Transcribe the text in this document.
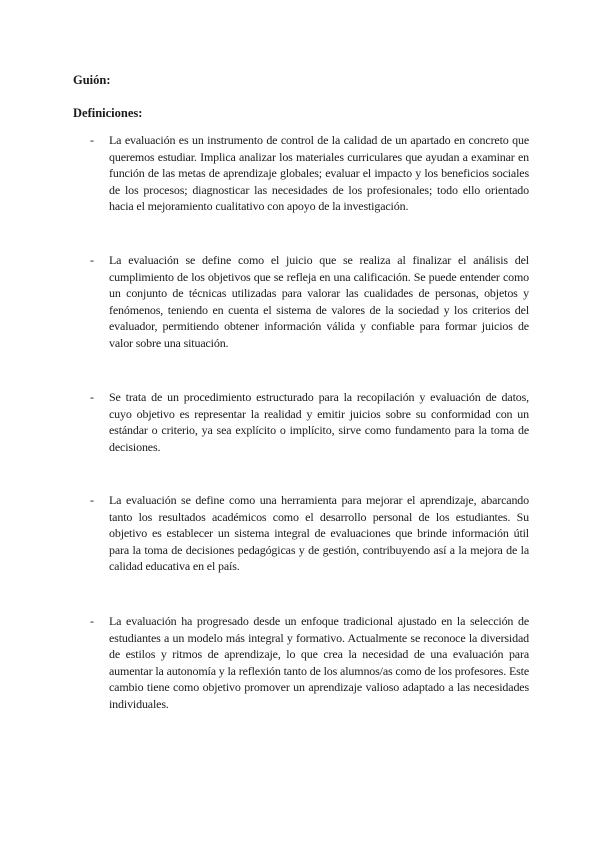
Guión:
Definiciones:
- La evaluación es un instrumento de control de la calidad de un apartado en concreto que queremos estudiar. Implica analizar los materiales curriculares que ayudan a examinar en función de las metas de aprendizaje globales; evaluar el impacto y los beneficios sociales de los procesos; diagnosticar las necesidades de los profesionales; todo ello orientado hacia el mejoramiento cualitativo con apoyo de la investigación.

- La evaluación se define como el juicio que se realiza al finalizar el análisis del cumplimiento de los objetivos que se refleja en una calificación. Se puede entender como un conjunto de técnicas utilizadas para valorar las cualidades de personas, objetos y fenómenos, teniendo en cuenta el sistema de valores de la sociedad y los criterios del evaluador, permitiendo obtener información válida y confiable para formar juicios de valor sobre una situación.

- Se trata de un procedimiento estructurado para la recopilación y evaluación de datos, cuyo objetivo es representar la realidad y emitir juicios sobre su conformidad con un estándar o criterio, ya sea explícito o implícito, sirve como fundamento para la toma de decisiones.

- La evaluación se define como una herramienta para mejorar el aprendizaje, abarcando tanto los resultados académicos como el desarrollo personal de los estudiantes. Su objetivo es establecer un sistema integral de evaluaciones que brinde información útil para la toma de decisiones pedagógicas y de gestión, contribuyendo así a la mejora de la calidad educativa en el país.

- La evaluación ha progresado desde un enfoque tradicional ajustado en la selección de estudiantes a un modelo más integral y formativo. Actualmente se reconoce la diversidad de estilos y ritmos de aprendizaje, lo que crea la necesidad de una evaluación para aumentar la autonomía y la reflexión tanto de los alumnos/as como de los profesores. Este cambio tiene como objetivo promover un aprendizaje valioso adaptado a las necesidades individuales.
